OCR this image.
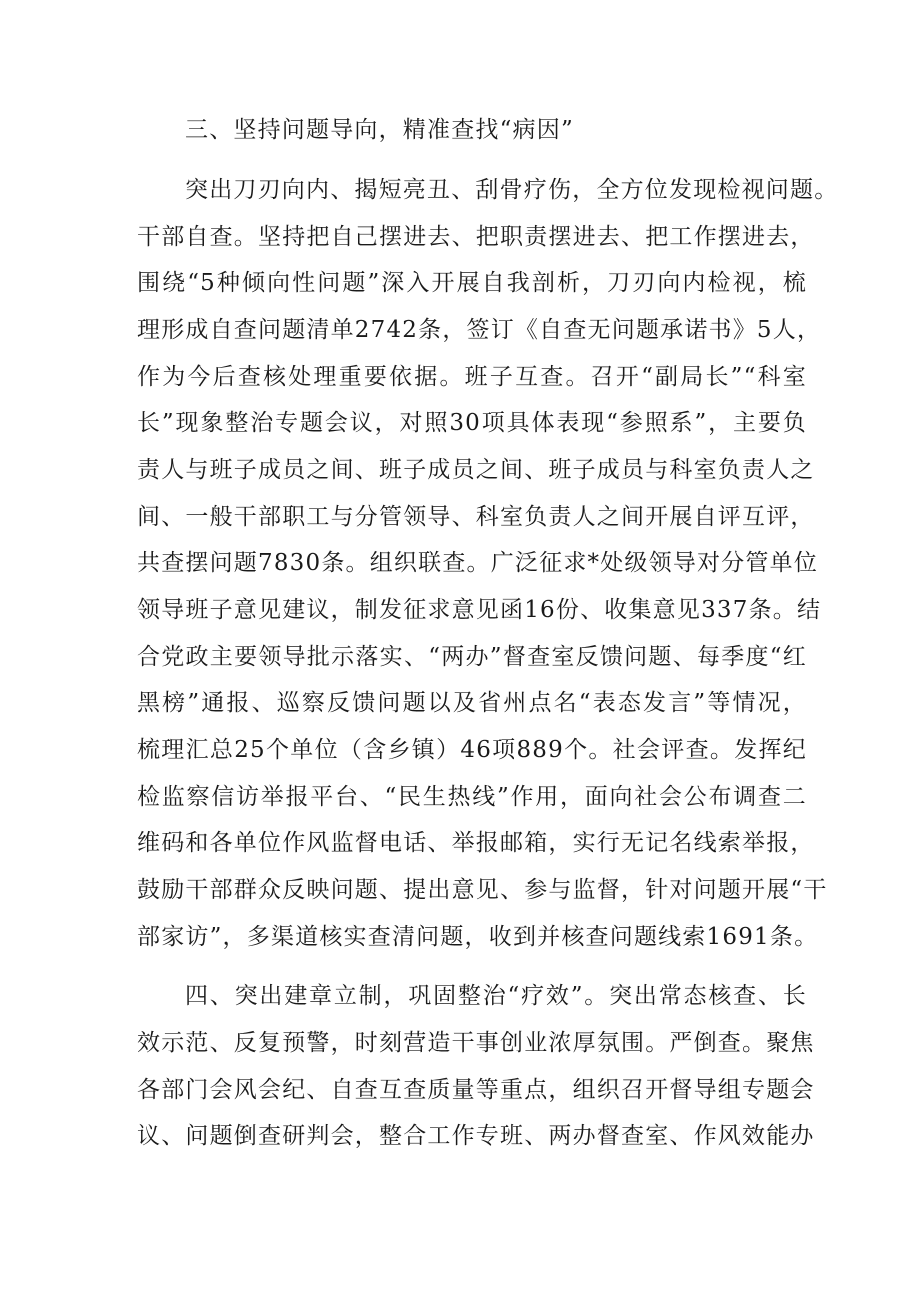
三、坚持问题导向，精准查找“病因”
突出刀刃向内、揭短亮丑、刮骨疗伤，全方位发现检视问题。
干部自查。坚持把自己摆进去、把职责摆进去、把工作摆进去，
围绕“5种倾向性问题”深入开展自我剖析，刀刃向内检视，梳
理形成自查问题清单2742条，签订《自查无问题承诺书》5人，
作为今后查核处理重要依据。班子互查。召开“副局长”“科室
长”现象整治专题会议，对照30项具体表现“参照系”，主要负
责人与班子成员之间、班子成员之间、班子成员与科室负责人之
间、一般干部职工与分管领导、科室负责人之间开展自评互评，
共查摆问题7830条。组织联查。广泛征求*处级领导对分管单位
领导班子意见建议，制发征求意见函16份、收集意见337条。结
合党政主要领导批示落实、“两办”督查室反馈问题、每季度“红
黑榜”通报、巡察反馈问题以及省州点名“表态发言”等情况，
梳理汇总25个单位（含乡镇）46项889个。社会评查。发挥纪
检监察信访举报平台、“民生热线”作用，面向社会公布调查二
维码和各单位作风监督电话、举报邮箱，实行无记名线索举报，
鼓励干部群众反映问题、提出意见、参与监督，针对问题开展“干
部家访”，多渠道核实查清问题，收到并核查问题线索1691条。
四、突出建章立制，巩固整治“疗效”。突出常态核查、长
效示范、反复预警，时刻营造干事创业浓厚氛围。严倒查。聚焦
各部门会风会纪、自查互查质量等重点，组织召开督导组专题会
议、问题倒查研判会，整合工作专班、两办督查室、作风效能办
